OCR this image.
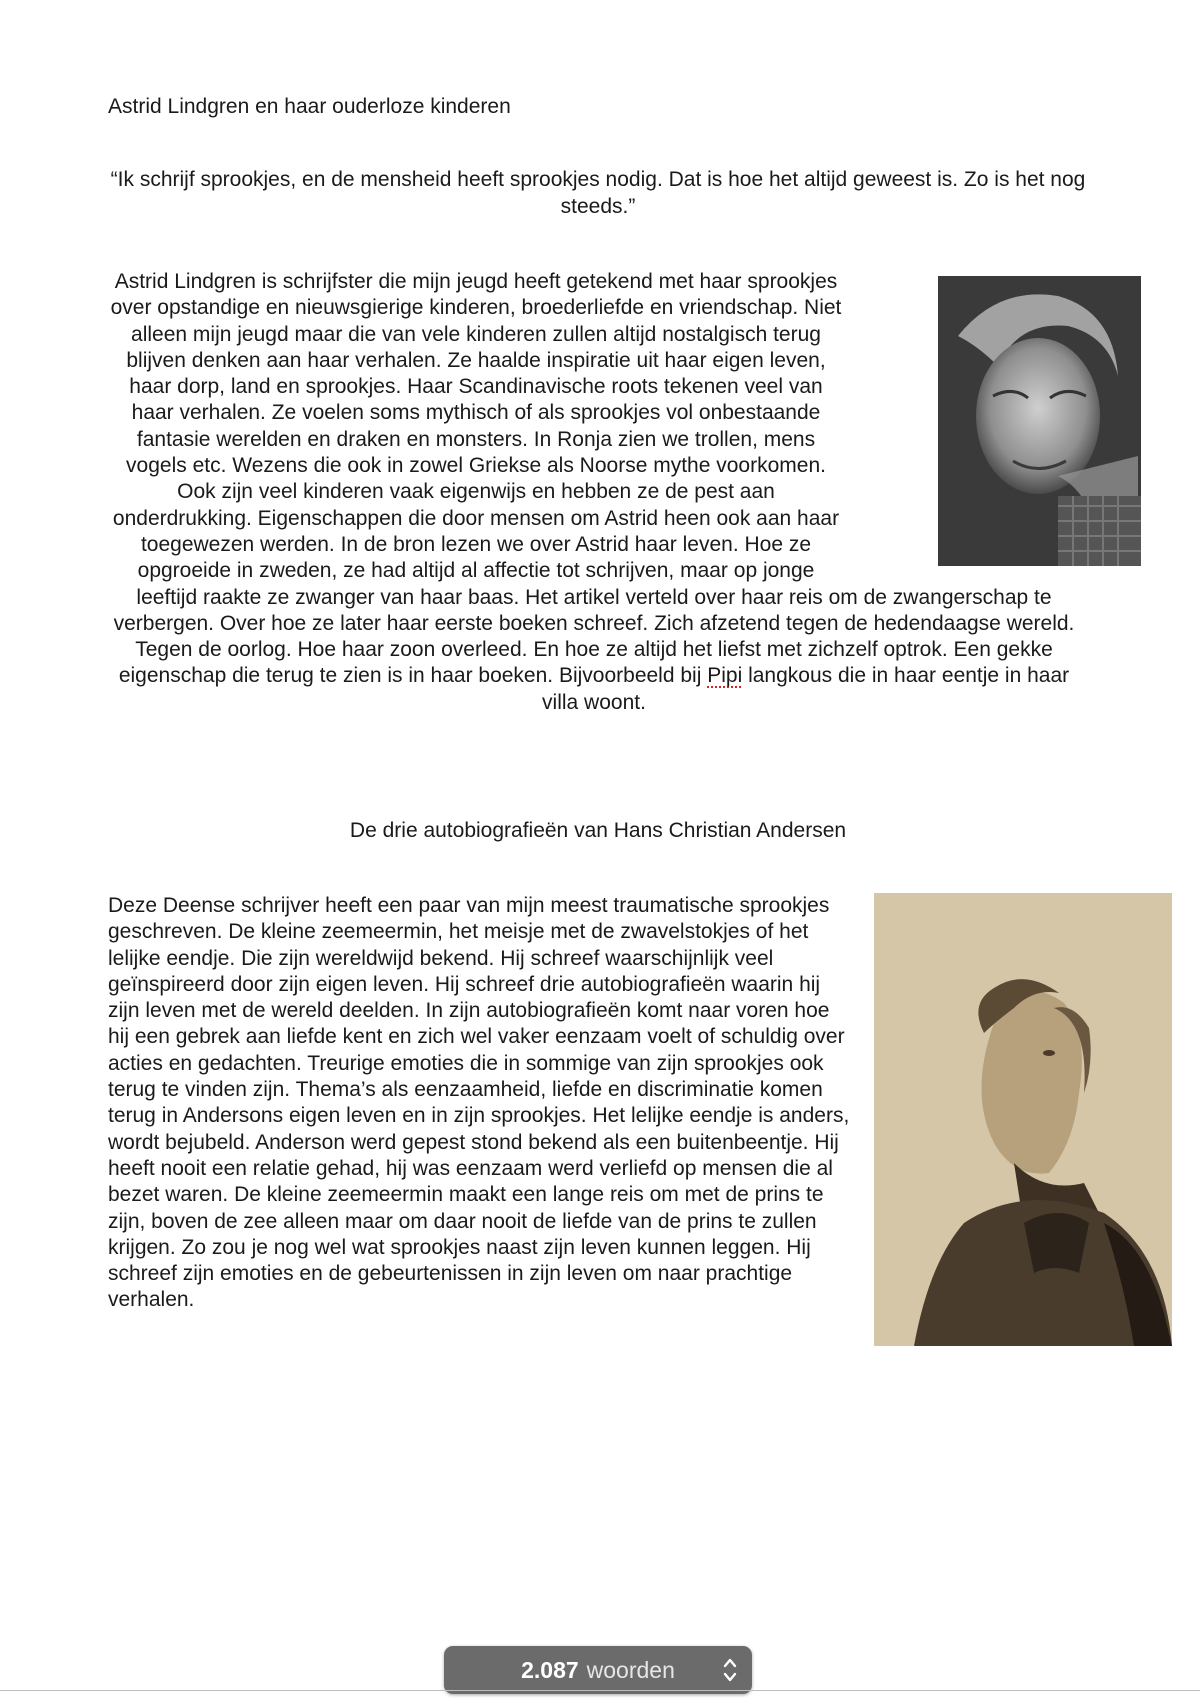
Astrid Lindgren en haar ouderloze kinderen

“Ik schrijf sprookjes, en de mensheid heeft sprookjes nodig. Dat is hoe het altijd geweest is. Zo is het nog steeds.”

Astrid Lindgren is schrijfster die mijn jeugd heeft getekend met haar sprookjes over opstandige en nieuwsgierige kinderen, broederliefde en vriendschap. Niet alleen mijn jeugd maar die van vele kinderen zullen altijd nostalgisch terug blijven denken aan haar verhalen. Ze haalde inspiratie uit haar eigen leven, haar dorp, land en sprookjes. Haar Scandinavische roots tekenen veel van haar verhalen. Ze voelen soms mythisch of als sprookjes vol onbestaande fantasie werelden en draken en monsters. In Ronja zien we trollen, mens vogels etc. Wezens die ook in zowel Griekse als Noorse mythe voorkomen. Ook zijn veel kinderen vaak eigenwijs en hebben ze de pest aan onderdrukking. Eigenschappen die door mensen om Astrid heen ook aan haar toegewezen werden. In de bron lezen we over Astrid haar leven. Hoe ze opgroeide in zweden, ze had altijd al affectie tot schrijven, maar op jonge leeftijd raakte ze zwanger van haar baas. Het artikel verteld over haar reis om de zwangerschap te verbergen. Over hoe ze later haar eerste boeken schreef. Zich afzetend tegen de hedendaagse wereld. Tegen de oorlog. Hoe haar zoon overleed. En hoe ze altijd het liefst met zichzelf optrok. Een gekke eigenschap die terug te zien is in haar boeken. Bijvoorbeeld bij Pipi langkous die in haar eentje in haar villa woont.

De drie autobiografieën van Hans Christian Andersen

Deze Deense schrijver heeft een paar van mijn meest traumatische sprookjes geschreven. De kleine zeemeermin, het meisje met de zwavelstokjes of het lelijke eendje. Die zijn wereldwijd bekend. Hij schreef waarschijnlijk veel geïnspireerd door zijn eigen leven. Hij schreef drie autobiografieën waarin hij zijn leven met de wereld deelden. In zijn autobiografieën komt naar voren hoe hij een gebrek aan liefde kent en zich wel vaker eenzaam voelt of schuldig over acties en gedachten. Treurige emoties die in sommige van zijn sprookjes ook terug te vinden zijn. Thema’s als eenzaamheid, liefde en discriminatie komen terug in Andersons eigen leven en in zijn sprookjes. Het lelijke eendje is anders, wordt bejubeld. Anderson werd gepest stond bekend als een buitenbeentje. Hij heeft nooit een relatie gehad, hij was eenzaam werd verliefd op mensen die al bezet waren. De kleine zeemeermin maakt een lange reis om met de prins te zijn, boven de zee alleen maar om daar nooit de liefde van de prins te zullen krijgen. Zo zou je nog wel wat sprookjes naast zijn leven kunnen leggen. Hij schreef zijn emoties en de gebeurtenissen in zijn leven om naar prachtige verhalen.

2.087 woorden
